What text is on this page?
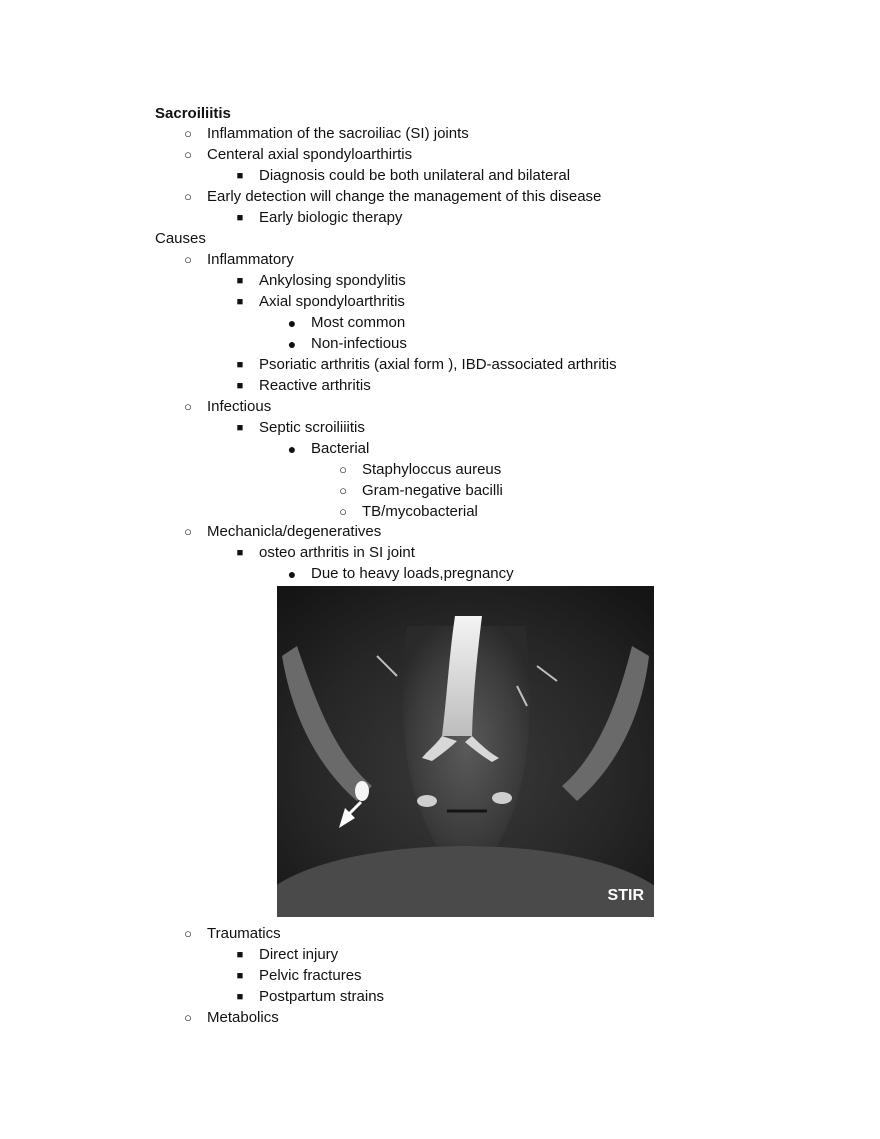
Sacroiliitis
○ Inflammation of the sacroiliac (SI) joints
○ Centeral axial spondyloarthirtis
■ Diagnosis could be both unilateral and bilateral
○ Early detection will change the management of this disease
■ Early biologic therapy
Causes
○ Inflammatory
■ Ankylosing spondylitis
■ Axial spondyloarthritis
● Most common
● Non-infectious
■ Psoriatic arthritis (axial form ), IBD-associated arthritis
■ Reactive arthritis
○ Infectious
■ Septic scroiliiitis
● Bacterial
○ Staphyloccus aureus
○ Gram-negative bacilli
○ TB/mycobacterial
○ Mechanicla/degeneratives
■ osteo arthritis in SI joint
● Due to heavy loads,pregnancy
STIR
○ Traumatics
■ Direct injury
■ Pelvic fractures
■ Postpartum strains
○ Metabolics
